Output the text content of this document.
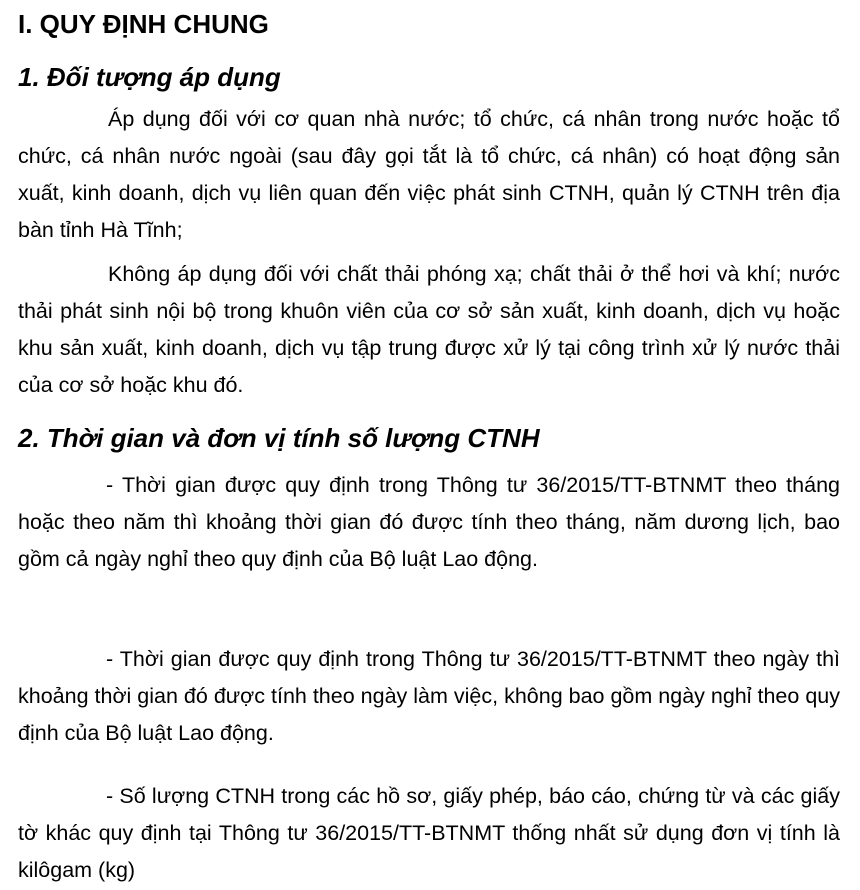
I. QUY ĐỊNH CHUNG
1. Đối tượng áp dụng

Áp dụng đối với cơ quan nhà nước; tổ chức, cá nhân trong nước hoặc tổ chức, cá nhân nước ngoài (sau đây gọi tắt là tổ chức, cá nhân) có hoạt động sản xuất, kinh doanh, dịch vụ liên quan đến việc phát sinh CTNH, quản lý CTNH trên địa bàn tỉnh Hà Tĩnh;

Không áp dụng đối với chất thải phóng xạ; chất thải ở thể hơi và khí; nước thải phát sinh nội bộ trong khuôn viên của cơ sở sản xuất, kinh doanh, dịch vụ hoặc khu sản xuất, kinh doanh, dịch vụ tập trung được xử lý tại công trình xử lý nước thải của cơ sở hoặc khu đó.

2. Thời gian và đơn vị tính số lượng CTNH

- Thời gian được quy định trong Thông tư 36/2015/TT-BTNMT theo tháng hoặc theo năm thì khoảng thời gian đó được tính theo tháng, năm dương lịch, bao gồm cả ngày nghỉ theo quy định của Bộ luật Lao động.

- Thời gian được quy định trong Thông tư 36/2015/TT-BTNMT theo ngày thì khoảng thời gian đó được tính theo ngày làm việc, không bao gồm ngày nghỉ theo quy định của Bộ luật Lao động.

- Số lượng CTNH trong các hồ sơ, giấy phép, báo cáo, chứng từ và các giấy tờ khác quy định tại Thông tư 36/2015/TT-BTNMT thống nhất sử dụng đơn vị tính là kilôgam (kg)
